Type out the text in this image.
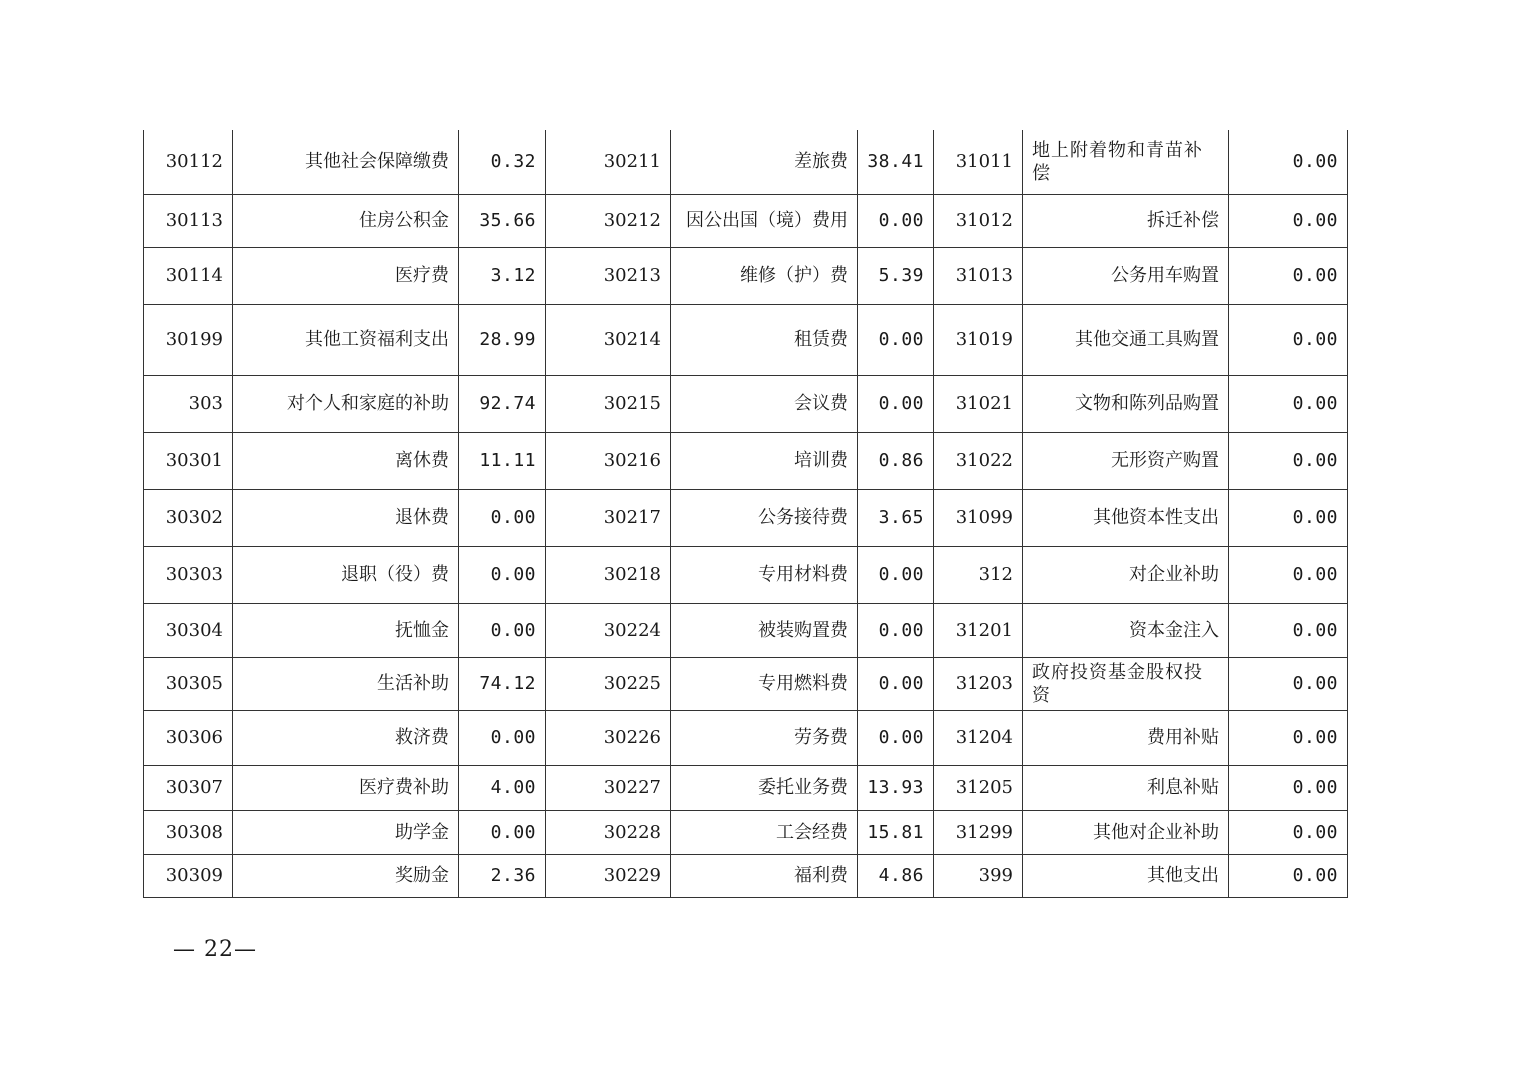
30112	其他社会保障缴费	0.32	30211	差旅费	38.41	31011	地上附着物和青苗补偿	0.00
30113	住房公积金	35.66	30212	因公出国（境）费用	0.00	31012	拆迁补偿	0.00
30114	医疗费	3.12	30213	维修（护）费	5.39	31013	公务用车购置	0.00
30199	其他工资福利支出	28.99	30214	租赁费	0.00	31019	其他交通工具购置	0.00
303	对个人和家庭的补助	92.74	30215	会议费	0.00	31021	文物和陈列品购置	0.00
30301	离休费	11.11	30216	培训费	0.86	31022	无形资产购置	0.00
30302	退休费	0.00	30217	公务接待费	3.65	31099	其他资本性支出	0.00
30303	退职（役）费	0.00	30218	专用材料费	0.00	312	对企业补助	0.00
30304	抚恤金	0.00	30224	被装购置费	0.00	31201	资本金注入	0.00
30305	生活补助	74.12	30225	专用燃料费	0.00	31203	政府投资基金股权投资	0.00
30306	救济费	0.00	30226	劳务费	0.00	31204	费用补贴	0.00
30307	医疗费补助	4.00	30227	委托业务费	13.93	31205	利息补贴	0.00
30308	助学金	0.00	30228	工会经费	15.81	31299	其他对企业补助	0.00
30309	奖励金	2.36	30229	福利费	4.86	399	其他支出	0.00
— 22—
